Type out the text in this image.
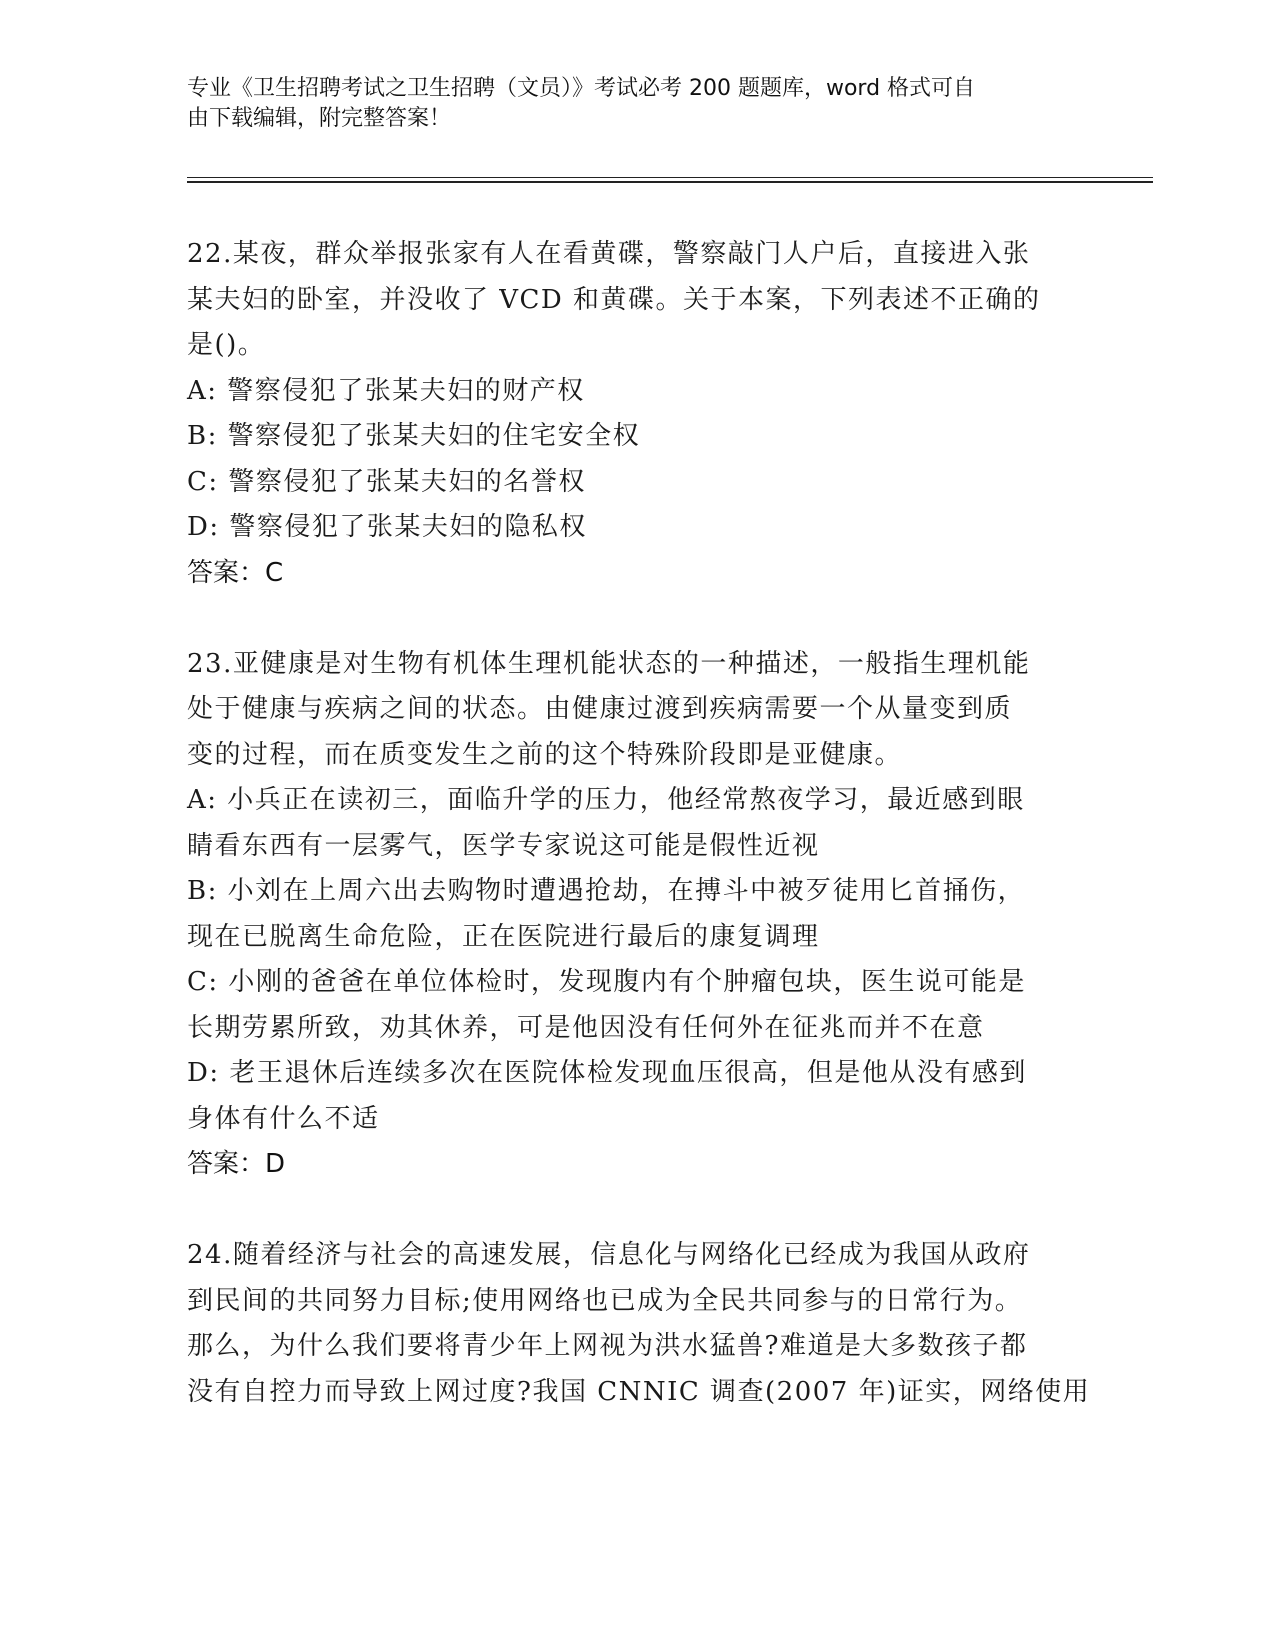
专业《卫生招聘考试之卫生招聘（文员）》考试必考 200 题题库，word 格式可自
由下载编辑，附完整答案！
22.某夜，群众举报张家有人在看黄碟，警察敲门人户后，直接进入张
某夫妇的卧室，并没收了 VCD 和黄碟。关于本案，下列表述不正确的
是()。
A: 警察侵犯了张某夫妇的财产权
B: 警察侵犯了张某夫妇的住宅安全权
C: 警察侵犯了张某夫妇的名誉权
D: 警察侵犯了张某夫妇的隐私权
答案：C
23.亚健康是对生物有机体生理机能状态的一种描述，一般指生理机能
处于健康与疾病之间的状态。由健康过渡到疾病需要一个从量变到质
变的过程，而在质变发生之前的这个特殊阶段即是亚健康。
A: 小兵正在读初三，面临升学的压力，他经常熬夜学习，最近感到眼
睛看东西有一层雾气，医学专家说这可能是假性近视
B: 小刘在上周六出去购物时遭遇抢劫，在搏斗中被歹徒用匕首捅伤，
现在已脱离生命危险，正在医院进行最后的康复调理
C: 小刚的爸爸在单位体检时，发现腹内有个肿瘤包块，医生说可能是
长期劳累所致，劝其休养，可是他因没有任何外在征兆而并不在意
D: 老王退休后连续多次在医院体检发现血压很高，但是他从没有感到
身体有什么不适
答案：D
24.随着经济与社会的高速发展，信息化与网络化已经成为我国从政府
到民间的共同努力目标;使用网络也已成为全民共同参与的日常行为。
那么，为什么我们要将青少年上网视为洪水猛兽?难道是大多数孩子都
没有自控力而导致上网过度?我国 CNNIC 调查(2007 年)证实，网络使用
